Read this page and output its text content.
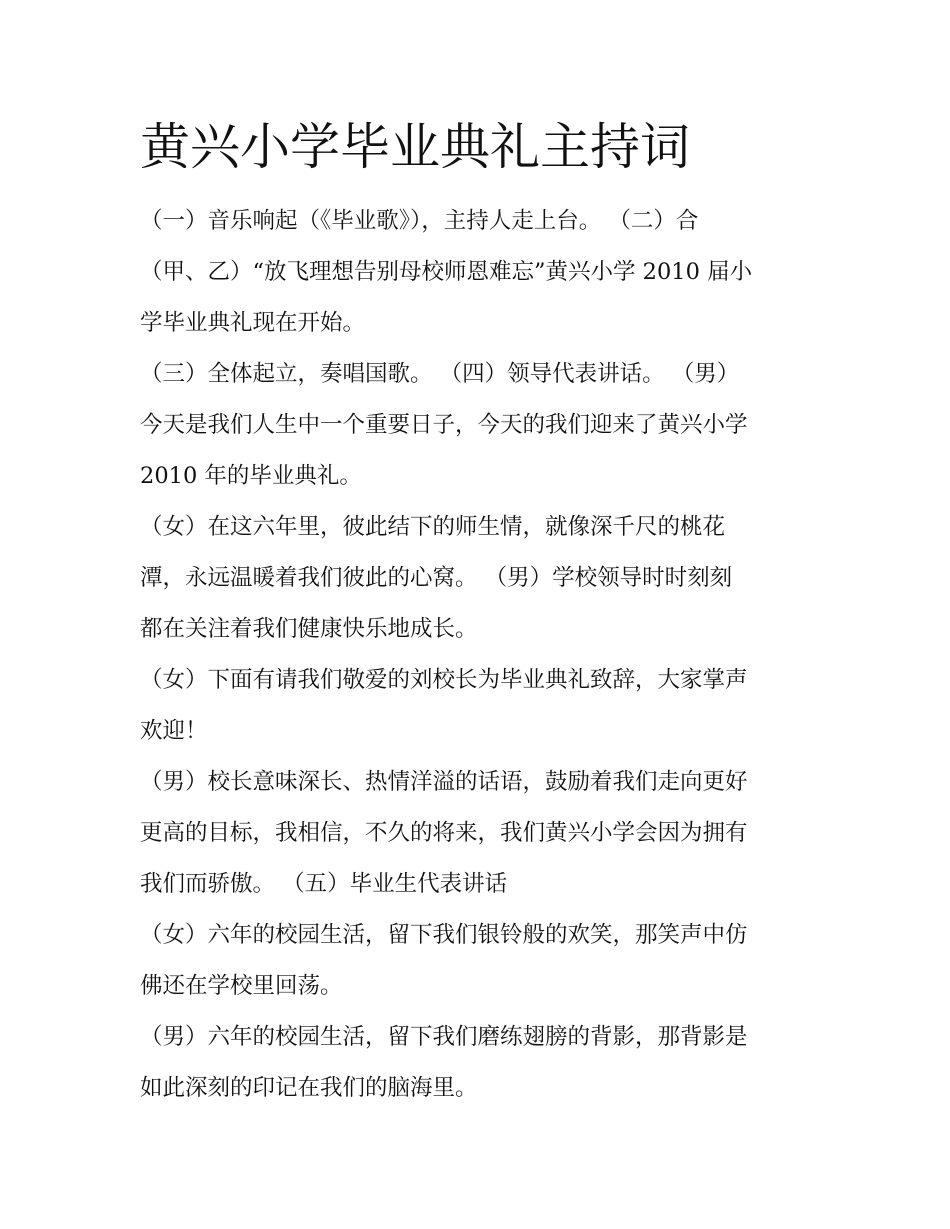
黄兴小学毕业典礼主持词

（一）音乐响起（《毕业歌》），主持人走上台。 （二）合

（甲、乙）“放飞理想告别母校师恩难忘”黄兴小学 2010 届小

学毕业典礼现在开始。

（三）全体起立，奏唱国歌。 （四）领导代表讲话。 （男）

今天是我们人生中一个重要日子，今天的我们迎来了黄兴小学

2010 年的毕业典礼。

（女）在这六年里，彼此结下的师生情，就像深千尺的桃花

潭，永远温暖着我们彼此的心窝。 （男）学校领导时时刻刻

都在关注着我们健康快乐地成长。

（女）下面有请我们敬爱的刘校长为毕业典礼致辞，大家掌声

欢迎！

（男）校长意味深长、热情洋溢的话语，鼓励着我们走向更好

更高的目标，我相信，不久的将来，我们黄兴小学会因为拥有

我们而骄傲。 （五）毕业生代表讲话

（女）六年的校园生活，留下我们银铃般的欢笑，那笑声中仿

佛还在学校里回荡。

（男）六年的校园生活，留下我们磨练翅膀的背影，那背影是

如此深刻的印记在我们的脑海里。
